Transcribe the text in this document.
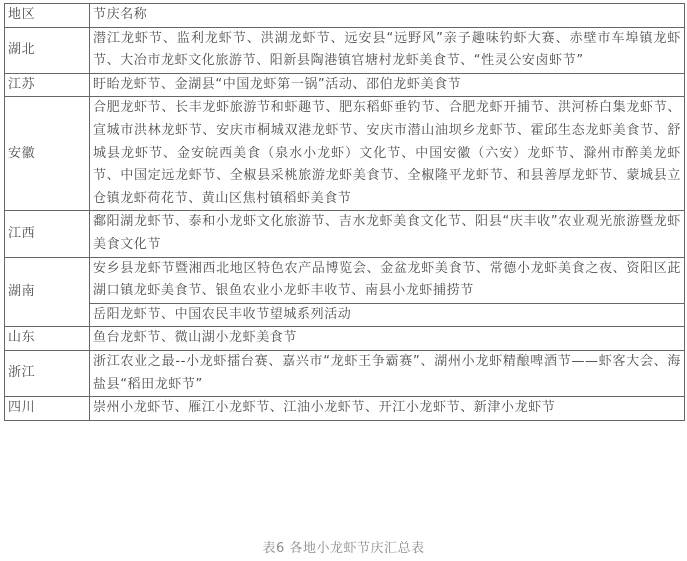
地区	节庆名称
湖北	潜江龙虾节、监利龙虾节、洪湖龙虾节、远安县“远野风”亲子趣味钓虾大赛、赤壁市车埠镇龙虾节、大冶市龙虾文化旅游节、阳新县陶港镇官塘村龙虾美食节、“性灵公安卤虾节”
江苏	盱眙龙虾节、金湖县“中国龙虾第一锅”活动、邵伯龙虾美食节
安徽	合肥龙虾节、长丰龙虾旅游节和虾趣节、肥东稻虾垂钓节、合肥龙虾开捕节、洪河桥白集龙虾节、宣城市洪林龙虾节、安庆市桐城双港龙虾节、安庆市潜山油坝乡龙虾节、霍邱生态龙虾美食节、舒城县龙虾节、金安皖西美食（泉水小龙虾）文化节、中国安徽（六安）龙虾节、滁州市醉美龙虾节、中国定远龙虾节、全椒县采桃旅游龙虾美食节、全椒隆平龙虾节、和县善厚龙虾节、蒙城县立仓镇龙虾荷花节、黄山区焦村镇稻虾美食节
江西	鄱阳湖龙虾节、泰和小龙虾文化旅游节、吉水龙虾美食文化节、阳县“庆丰收”农业观光旅游暨龙虾美食文化节
湖南	安乡县龙虾节暨湘西北地区特色农产品博览会、金盆龙虾美食节、常德小龙虾美食之夜、资阳区茈湖口镇龙虾美食节、银鱼农业小龙虾丰收节、南县小龙虾捕捞节
	岳阳龙虾节、中国农民丰收节望城系列活动
山东	鱼台龙虾节、微山湖小龙虾美食节
浙江	浙江农业之最--小龙虾擂台赛、嘉兴市“龙虾王争霸赛”、湖州小龙虾精酿啤酒节——虾客大会、海盐县“稻田龙虾节”
四川	崇州小龙虾节、雁江小龙虾节、江油小龙虾节、开江小龙虾节、新津小龙虾节
表6 各地小龙虾节庆汇总表
